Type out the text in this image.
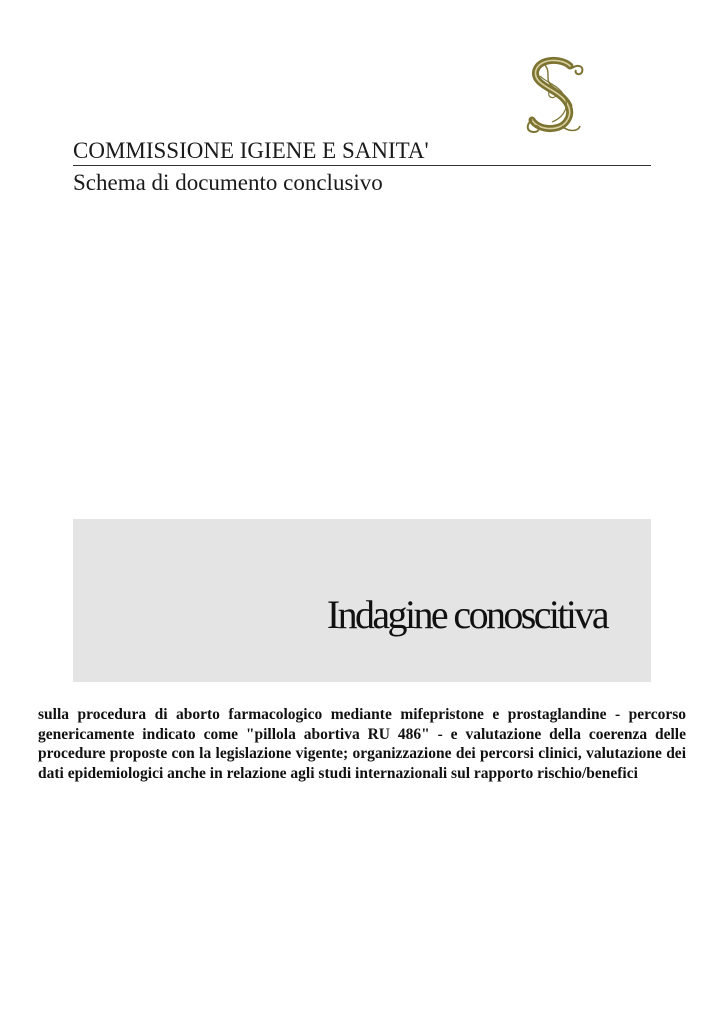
COMMISSIONE IGIENE E SANITA'
Schema di documento conclusivo
Indagine conoscitiva
sulla procedura di aborto farmacologico mediante mifepristone e prostaglandine - percorso genericamente indicato come "pillola abortiva RU 486" - e valutazione della coerenza delle procedure proposte con la legislazione vigente; organizzazione dei percorsi clinici, valutazione dei dati epidemiologici anche in relazione agli studi internazionali sul rapporto rischio/benefici
